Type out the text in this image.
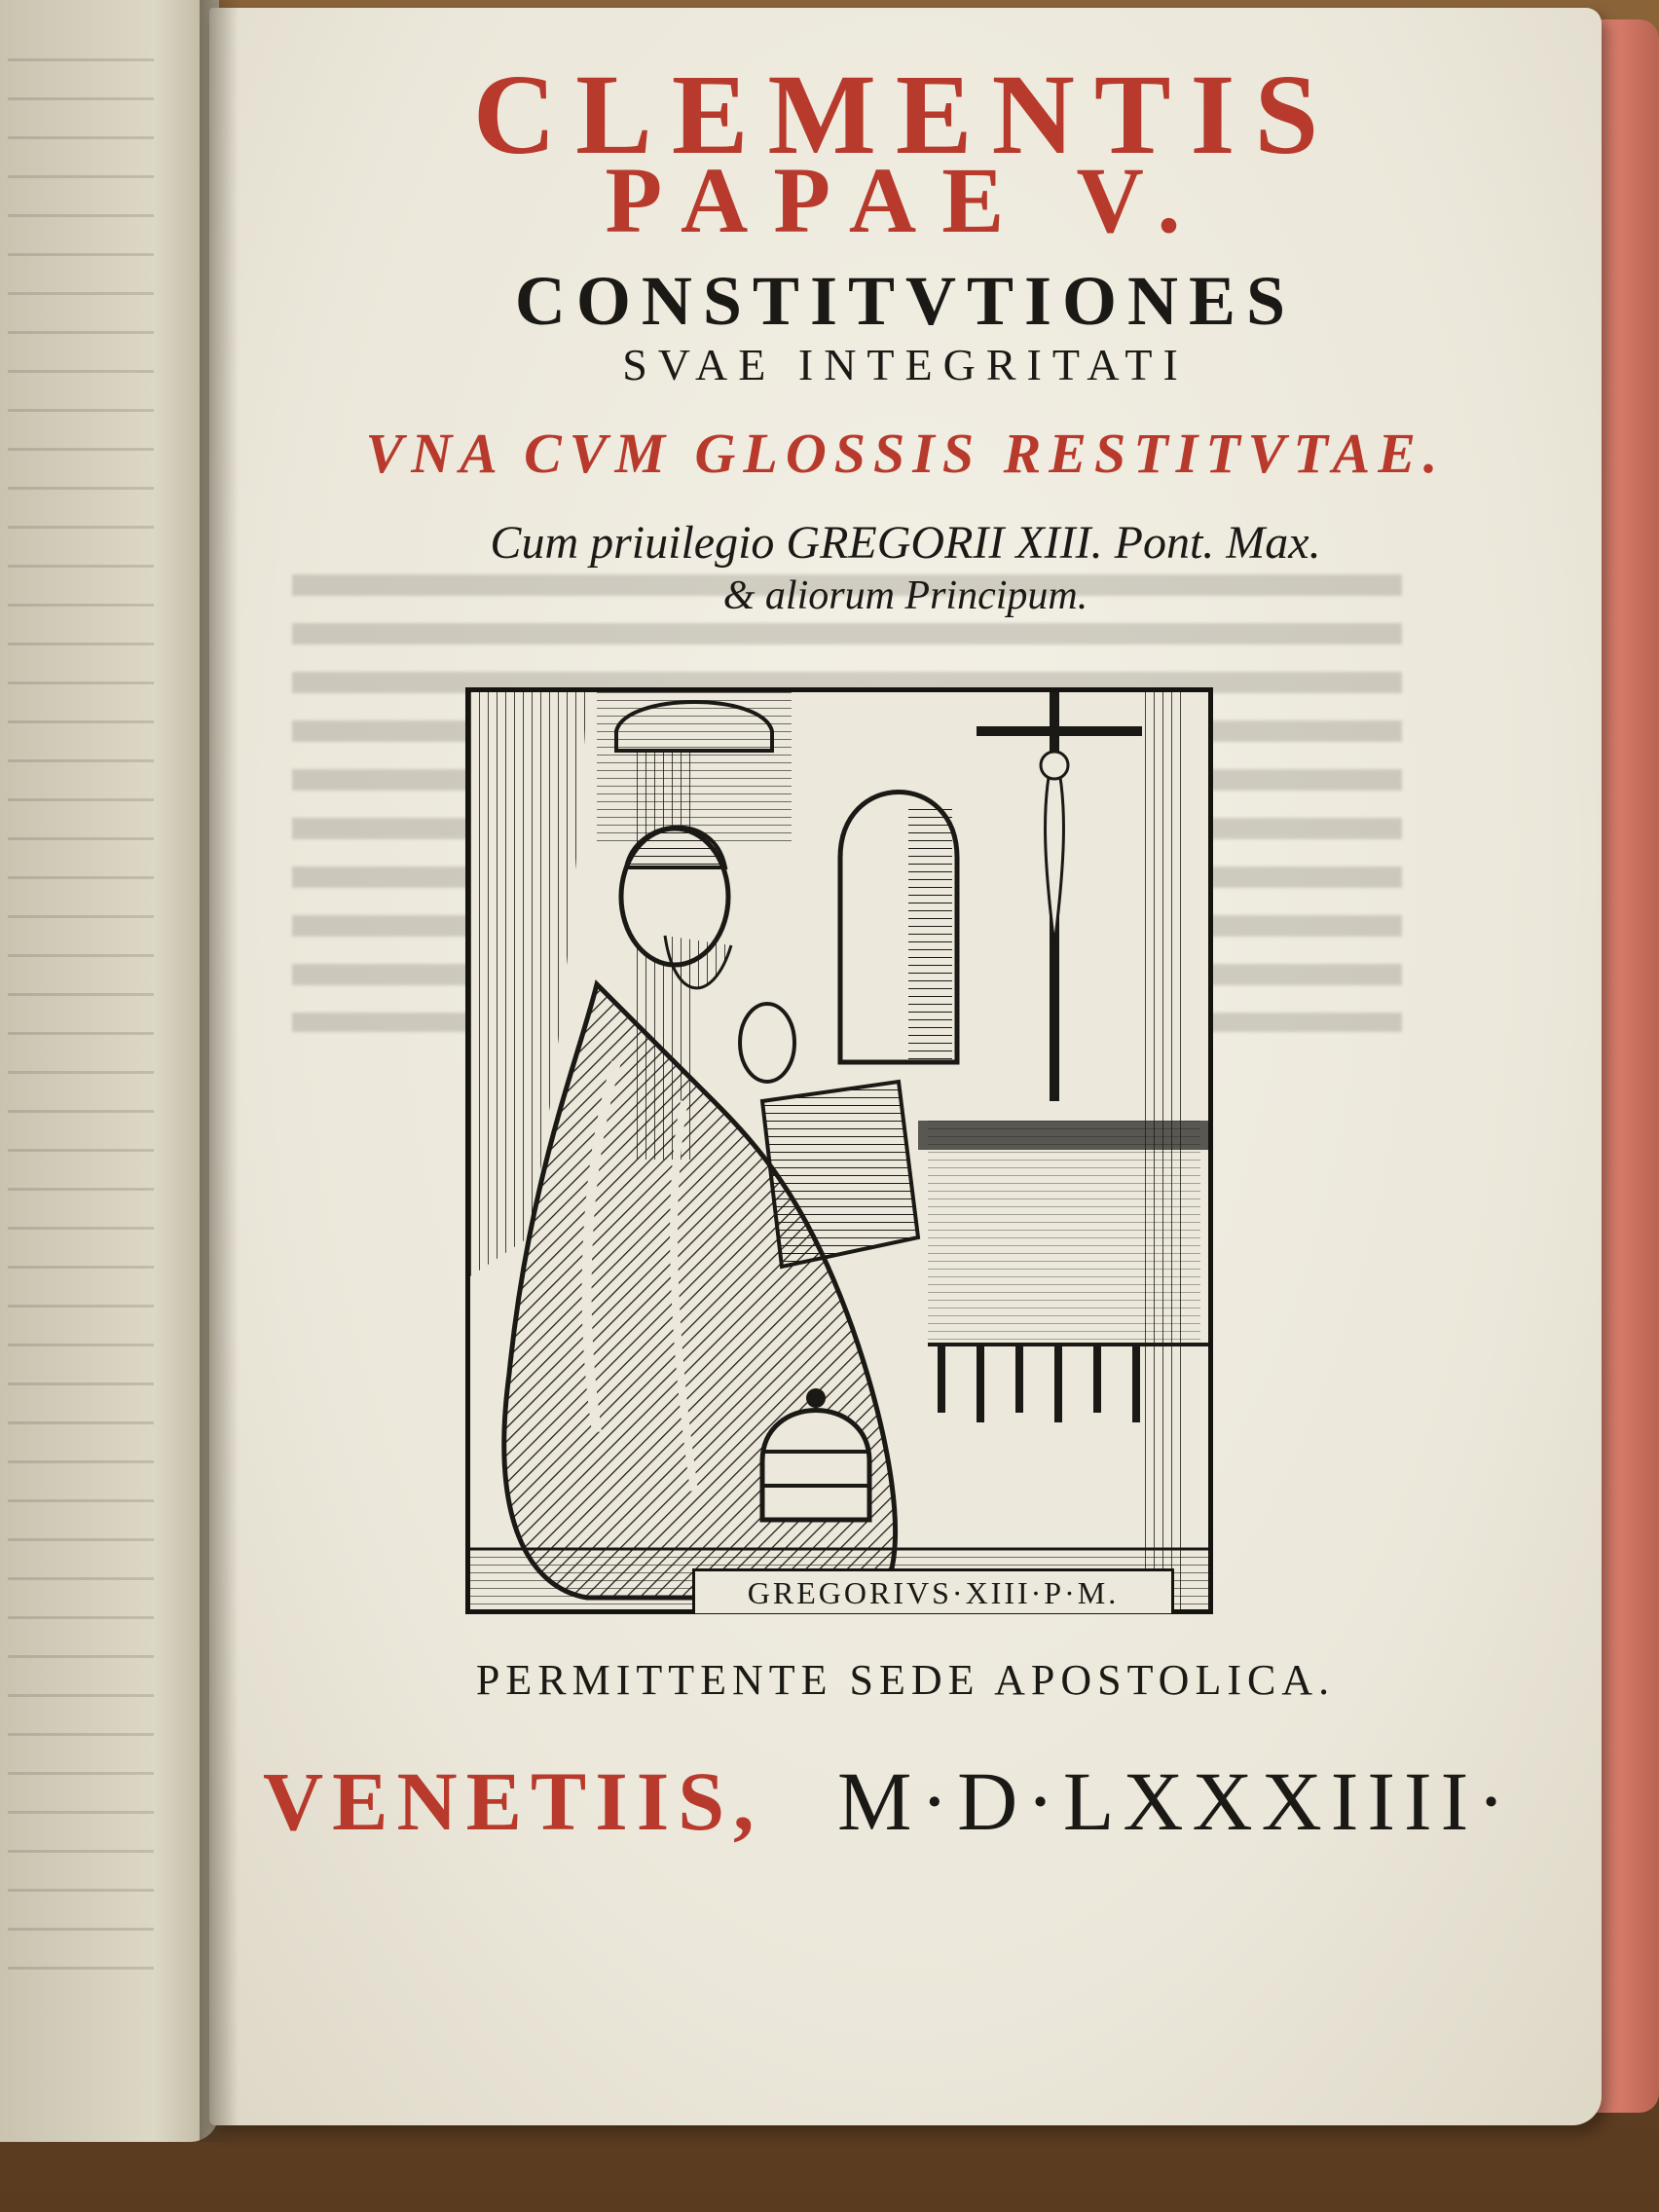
CLEMENTIS
PAPAE V.
CONSTITVTIONES
SVAE INTEGRITATI
VNA CVM GLOSSIS RESTITVTAE.
Cum priuilegio GREGORII XIII. Pont. Max.
& aliorum Principum.
GREGORIVS·XIII·P·M.
PERMITTENTE SEDE APOSTOLICA.
VENETIIS, M·D·LXXXIIII·
